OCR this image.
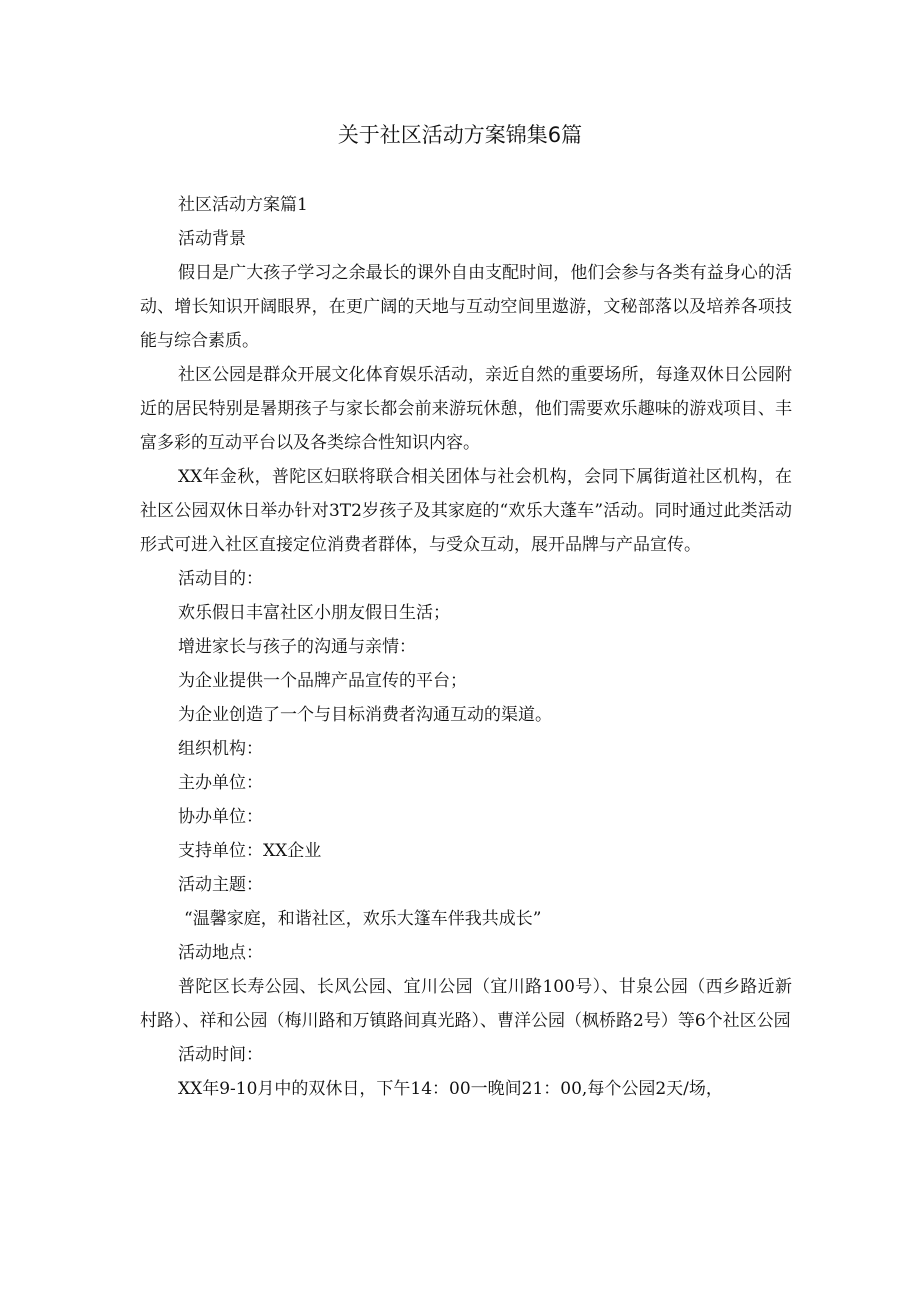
关于社区活动方案锦集6篇

社区活动方案篇1

活动背景

假日是广大孩子学习之余最长的课外自由支配时间，他们会参与各类有益身心的活动、增长知识开阔眼界，在更广阔的天地与互动空间里遨游，文秘部落以及培养各项技能与综合素质。

社区公园是群众开展文化体育娱乐活动，亲近自然的重要场所，每逢双休日公园附近的居民特别是暑期孩子与家长都会前来游玩休憩，他们需要欢乐趣味的游戏项目、丰富多彩的互动平台以及各类综合性知识内容。

XX年金秋，普陀区妇联将联合相关团体与社会机构，会同下属街道社区机构，在社区公园双休日举办针对3T2岁孩子及其家庭的“欢乐大蓬车”活动。同时通过此类活动形式可进入社区直接定位消费者群体，与受众互动，展开品牌与产品宣传。

活动目的：

欢乐假日丰富社区小朋友假日生活；

增进家长与孩子的沟通与亲情：

为企业提供一个品牌产品宣传的平台；

为企业创造了一个与目标消费者沟通互动的渠道。

组织机构：

主办单位：

协办单位：

支持单位：XX企业

活动主题：

“温馨家庭，和谐社区，欢乐大篷车伴我共成长”

活动地点：

普陀区长寿公园、长风公园、宜川公园（宜川路100号）、甘泉公园（西乡路近新村路）、祥和公园（梅川路和万镇路间真光路）、曹洋公园（枫桥路2号）等6个社区公园

活动时间：

XX年9-10月中的双休日，下午14：00一晚间21：00,每个公园2天/场，
